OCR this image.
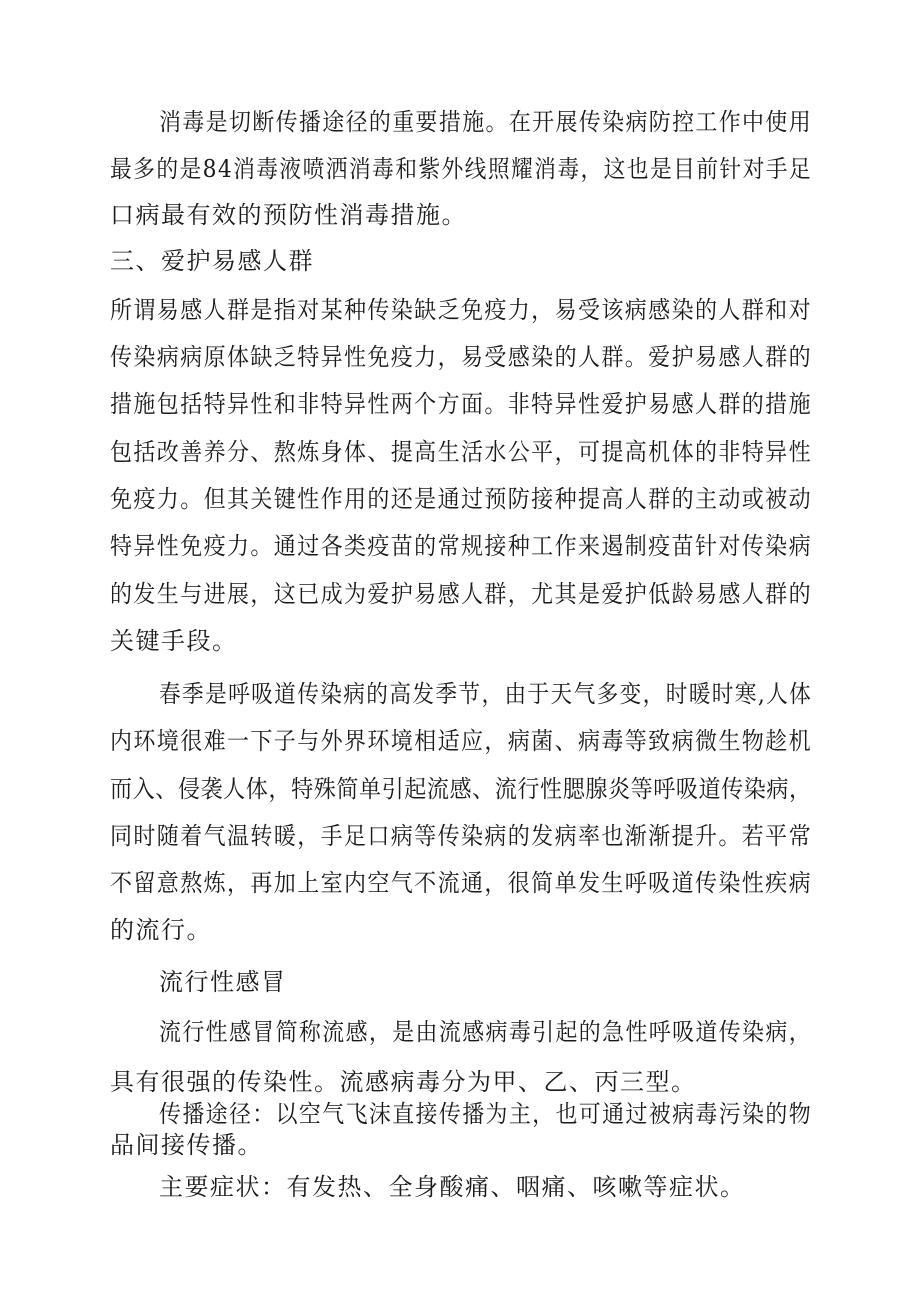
消毒是切断传播途径的重要措施。在开展传染病防控工作中使用
最多的是84消毒液喷洒消毒和紫外线照耀消毒，这也是目前针对手足
口病最有效的预防性消毒措施。
三、爱护易感人群
所谓易感人群是指对某种传染缺乏免疫力，易受该病感染的人群和对
传染病病原体缺乏特异性免疫力，易受感染的人群。爱护易感人群的
措施包括特异性和非特异性两个方面。非特异性爱护易感人群的措施
包括改善养分、熬炼身体、提高生活水公平，可提高机体的非特异性
免疫力。但其关键性作用的还是通过预防接种提高人群的主动或被动
特异性免疫力。通过各类疫苗的常规接种工作来遏制疫苗针对传染病
的发生与进展，这已成为爱护易感人群，尤其是爱护低龄易感人群的
关键手段。
春季是呼吸道传染病的高发季节，由于天气多变，时暖时寒,人体
内环境很难一下子与外界环境相适应，病菌、病毒等致病微生物趁机
而入、侵袭人体，特殊简单引起流感、流行性腮腺炎等呼吸道传染病，
同时随着气温转暖，手足口病等传染病的发病率也渐渐提升。若平常
不留意熬炼，再加上室内空气不流通，很简单发生呼吸道传染性疾病
的流行。
流行性感冒
流行性感冒简称流感，是由流感病毒引起的急性呼吸道传染病，
具有很强的传染性。流感病毒分为甲、乙、丙三型。
传播途径：以空气飞沫直接传播为主，也可通过被病毒污染的物
品间接传播。
主要症状：有发热、全身酸痛、咽痛、咳嗽等症状。
